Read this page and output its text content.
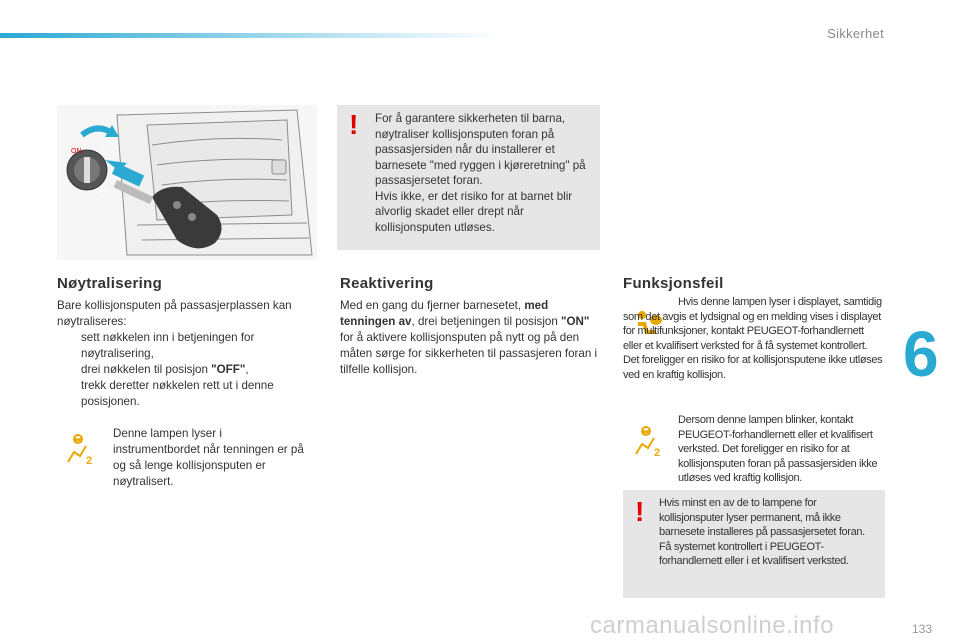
Sikkerhet
ON
OFF
! For å garantere sikkerheten til barna, nøytraliser kollisjonsputen foran på passasjersiden når du installerer et barnesete "med ryggen i kjøreretning" på passasjersetet foran.
Hvis ikke, er det risiko for at barnet blir alvorlig skadet eller drept når kollisjonsputen utløses.
Nøytralisering

Bare kollisjonsputen på passasjerplassen kan nøytraliseres:

sett nøkkelen inn i betjeningen for nøytralisering,
drei nøkkelen til posisjon "OFF",
trekk deretter nøkkelen rett ut i denne posisjonen.
2
Denne lampen lyser i instrumentbordet når tenningen er på og så lenge kollisjonsputen er nøytralisert.
Reaktivering
Med en gang du fjerner barnesetet, med tenningen av, drei betjeningen til posisjon "ON" for å aktivere kollisjonsputen på nytt og på den måten sørge for sikkerheten til passasjeren foran i tilfelle kollisjon.
Funksjonsfeil
Hvis denne lampen lyser i displayet, samtidig som det avgis et lydsignal og en melding vises i displayet for multifunksjoner, kontakt PEUGEOT-forhandlernett eller et kvalifisert verksted for å få systemet kontrollert. Det foreligger en risiko for at kollisjonsputene ikke utløses ved en kraftig kollisjon.
2
Dersom denne lampen blinker, kontakt PEUGEOT-forhandlernett eller et kvalifisert verksted. Det foreligger en risiko for at kollisjonsputen foran på passasjersiden ikke utløses ved kraftig kollisjon.
! Hvis minst en av de to lampene for kollisjonsputer lyser permanent, må ikke barnesete installeres på passasjersetet foran.
Få systemet kontrollert i PEUGEOT-forhandlernett eller i et kvalifisert verksted.
6
carmanualsonline.info	133
